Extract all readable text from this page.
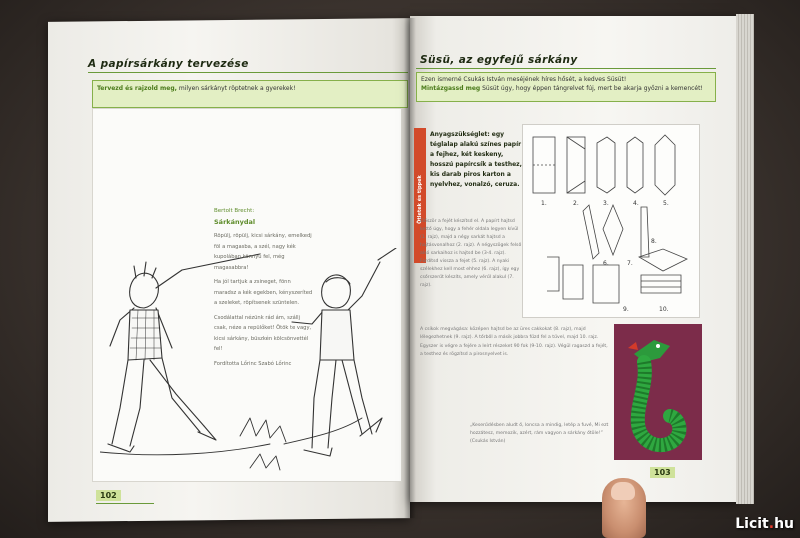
A papírsárkány tervezése
Tervezd és rajzold meg, milyen sárkányt röptetnek a gyerekek!
Bertolt Brecht:
Sárkánydal
Röpülj, röpülj, kicsi sárkány, emelkedj föl a magasba, a szél, nagy kék kupolában könnyű fel, még magasabbra!
Ha jól tartjuk a zsineget, fönn maradsz a kék egekben, kényszeríted a szeleket, röpítsenek szüntelen.
Csodálattal nézünk rád ám, szállj csak, néze a repülőket! Ötök te vagy, kicsi sárkány, büszkén kölcsönvettél fel!
Fordította Lőrinc Szabó Lőrinc
102
Süsü, az egyfejű sárkány
Ezen ismerné Csukás István meséjének híres hősét, a kedves Süsüt!
Mintázgassd meg Süsüt úgy, hogy éppen tángrelvet fúj, mert be akarja győzni a kemencét!
Ötletek és tippek
Anyagszükséglet: egy téglalap alakú színes papír a fejhez, két keskeny, hosszú papírcsík a testhez, kis darab piros karton a nyelvhez, vonalzó, ceruza.
1.	2.	3.	4.	5.
6.	7.
8.
9.	10.
Először a fejét készítsd el. A papírt hajtsd kettő úgy, hogy a fehér oldala legyen kívül (1. rajz), majd a négy sarkát hajtsd a hajtásvonalhoz (2. rajz). A négyszögek felső alsó sarkaihoz is hajtsd be (3-4. rajz). Fordítsd vissza a fejet (5. rajz). A nyaki szélekhez kell most ehhez (6. rajz), így egy csőrszerűt készíts, amely vérűl alakul (7. rajz).
A csíkok megvágása: középen hajtsd be az üres cakkokat (8. rajz), majd lélegezhetnek (9. rajz). A tőrből a másik jobbra fűzd fel a tűvel, majd 10. rajz. Egyszer is végre a fejére a leírt részeket 90 fok (9-10. rajz). Végül ragaszd a fejét, a testhez és rögzítsd a pirosnyelvet is.
„Keserűdésben aludt ő, loncsa a mindig, letép a fuvé, Mi ezt hozzátesz, memozik, azért, rám vagyon a sárkány őtöle!” (Csukás István)
103
Licit.hu
